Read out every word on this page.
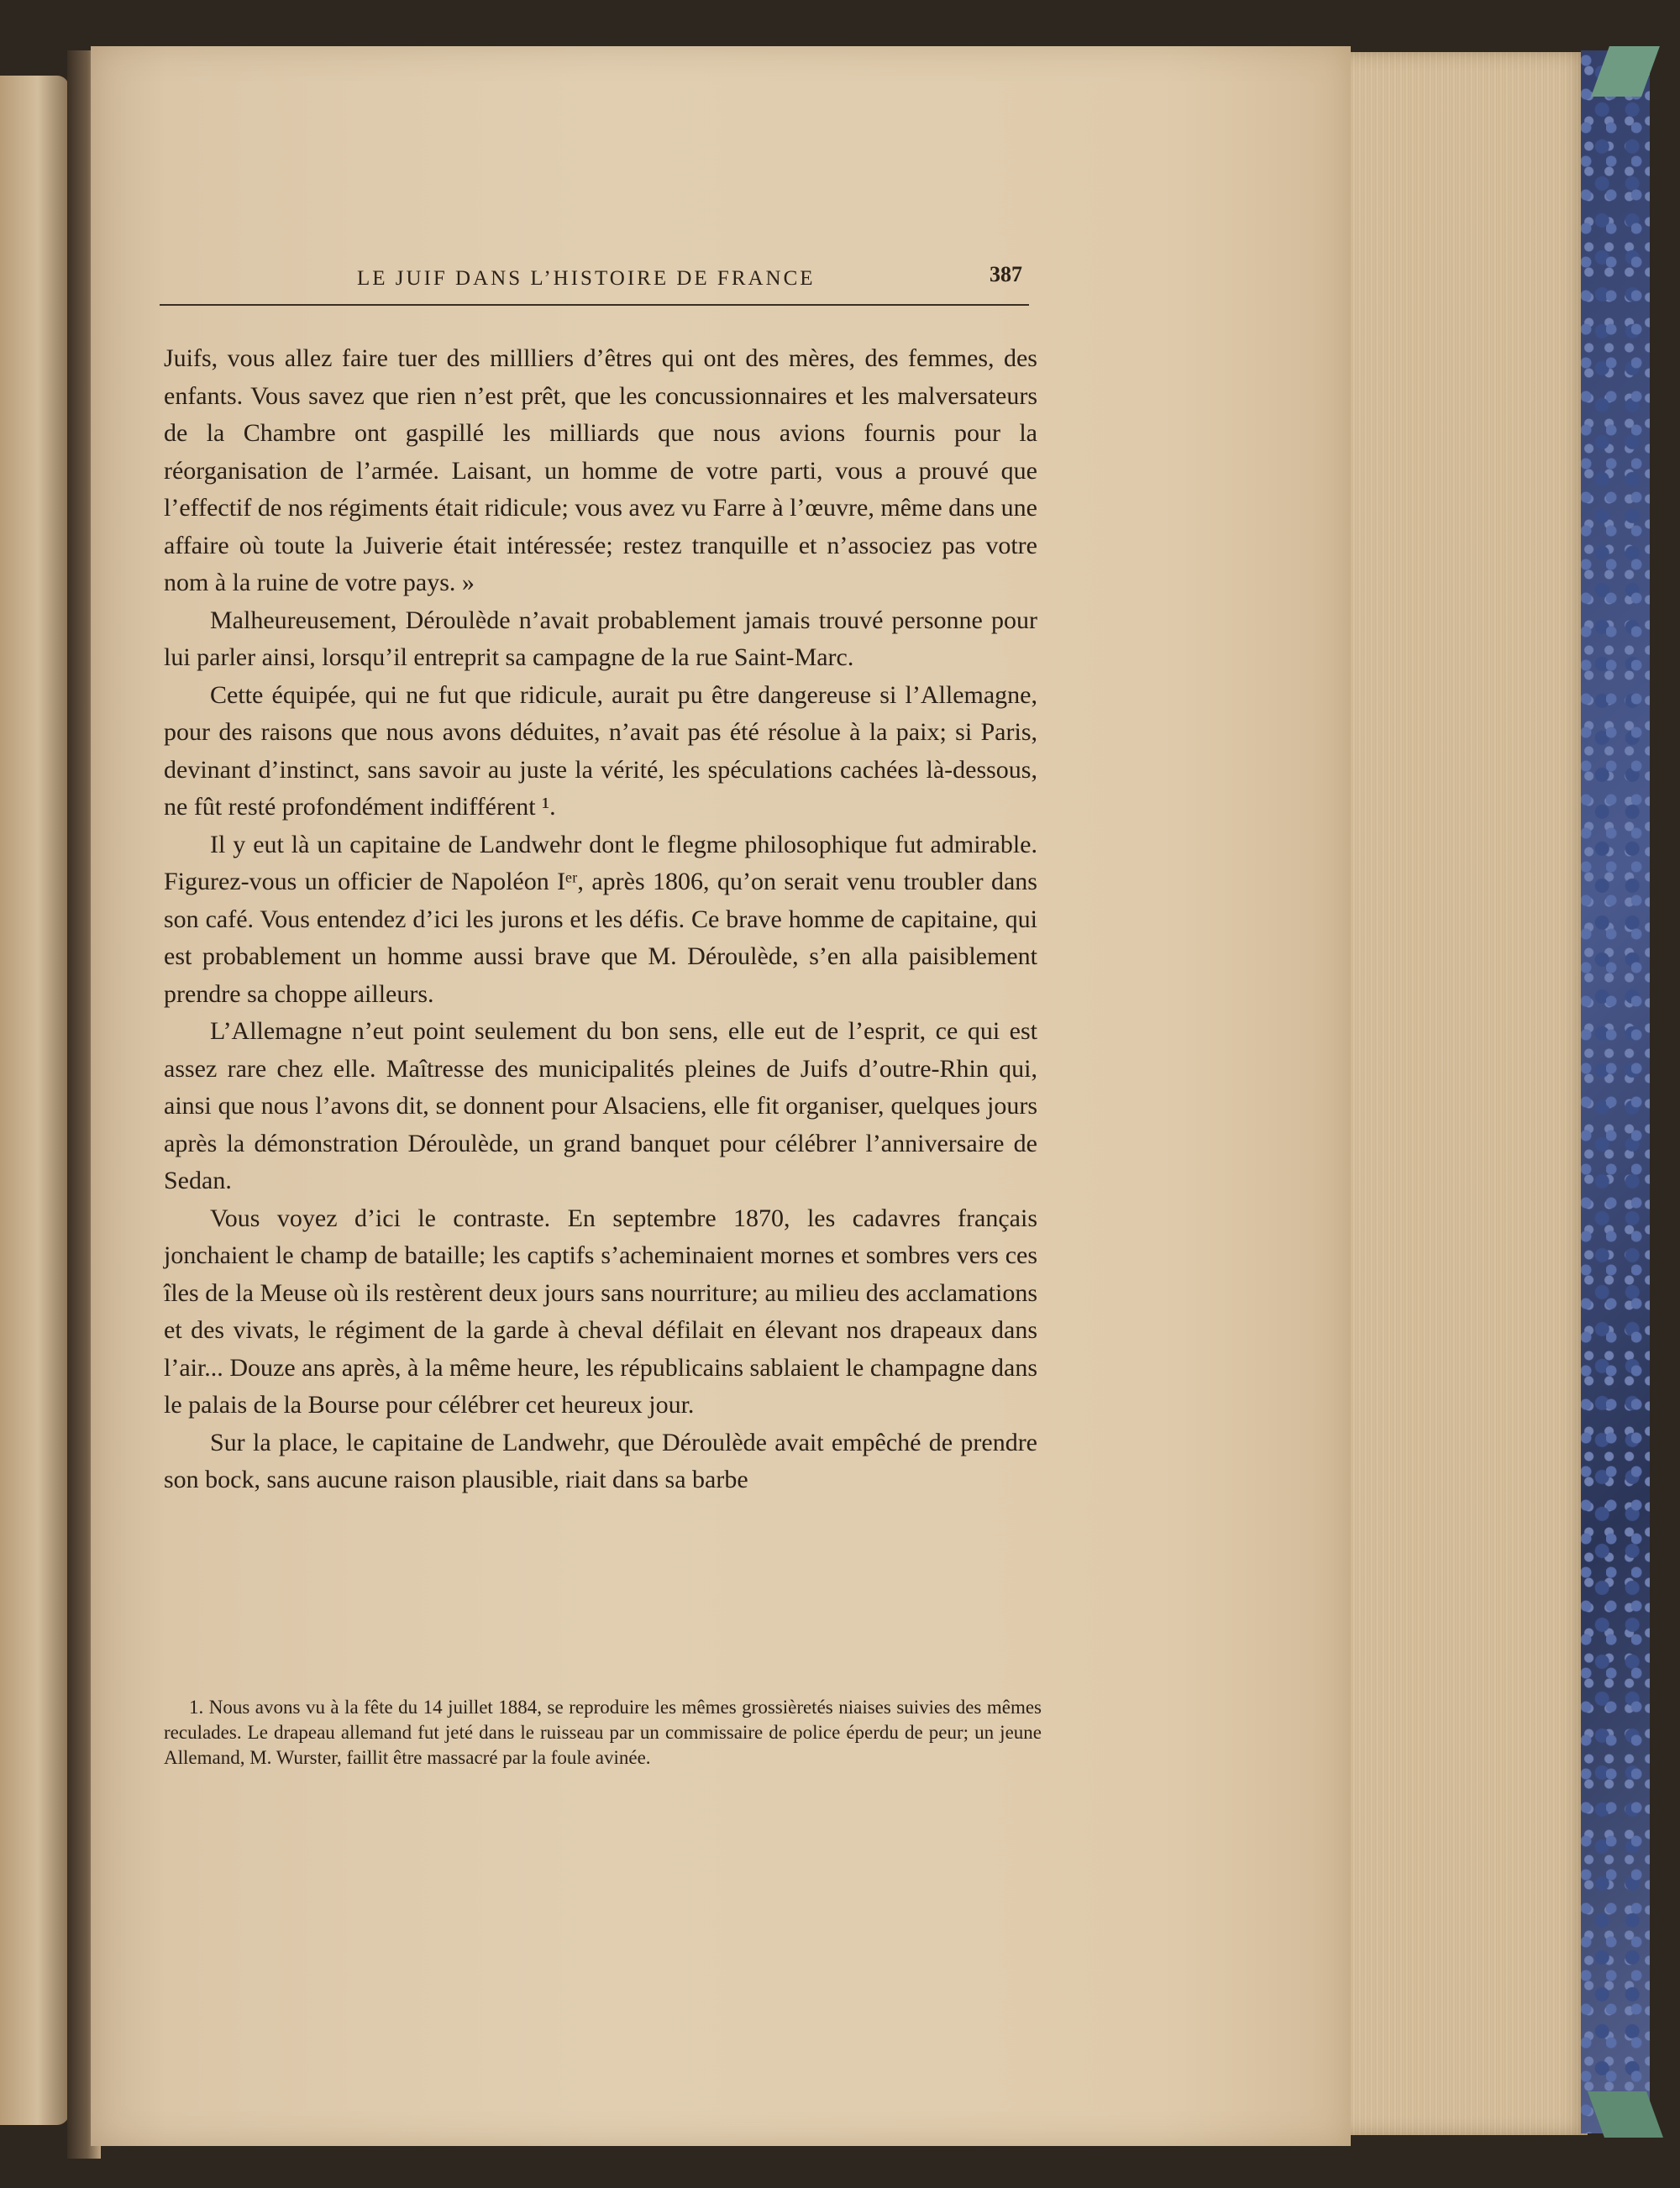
LE JUIF DANS L’HISTOIRE DE FRANCE	387

Juifs, vous allez faire tuer des millliers d’êtres qui ont des mères, des femmes, des enfants. Vous savez que rien n’est prêt, que les concussionnaires et les malversateurs de la Chambre ont gaspillé les milliards que nous avions fournis pour la réorganisation de l’armée. Laisant, un homme de votre parti, vous a prouvé que l’effectif de nos régiments était ridicule; vous avez vu Farre à l’œuvre, même dans une affaire où toute la Juiverie était intéressée; restez tranquille et n’associez pas votre nom à la ruine de votre pays. »

Malheureusement, Déroulède n’avait probablement jamais trouvé personne pour lui parler ainsi, lorsqu’il entreprit sa campagne de la rue Saint-Marc.

Cette équipée, qui ne fut que ridicule, aurait pu être dangereuse si l’Allemagne, pour des raisons que nous avons déduites, n’avait pas été résolue à la paix; si Paris, devinant d’instinct, sans savoir au juste la vérité, les spéculations cachées là-dessous, ne fût resté profondément indifférent ¹.

Il y eut là un capitaine de Landwehr dont le flegme philosophique fut admirable. Figurez-vous un officier de Napoléon Iᵉʳ, après 1806, qu’on serait venu troubler dans son café. Vous entendez d’ici les jurons et les défis. Ce brave homme de capitaine, qui est probablement un homme aussi brave que M. Déroulède, s’en alla paisiblement prendre sa choppe ailleurs.

L’Allemagne n’eut point seulement du bon sens, elle eut de l’esprit, ce qui est assez rare chez elle. Maîtresse des municipalités pleines de Juifs d’outre-Rhin qui, ainsi que nous l’avons dit, se donnent pour Alsaciens, elle fit organiser, quelques jours après la démonstration Déroulède, un grand banquet pour célébrer l’anniversaire de Sedan.

Vous voyez d’ici le contraste. En septembre 1870, les cadavres français jonchaient le champ de bataille; les captifs s’acheminaient mornes et sombres vers ces îles de la Meuse où ils restèrent deux jours sans nourriture; au milieu des acclamations et des vivats, le régiment de la garde à cheval défilait en élevant nos drapeaux dans l’air... Douze ans après, à la même heure, les républicains sablaient le champagne dans le palais de la Bourse pour célébrer cet heureux jour.

Sur la place, le capitaine de Landwehr, que Déroulède avait empêché de prendre son bock, sans aucune raison plausible, riait dans sa barbe

1. Nous avons vu à la fête du 14 juillet 1884, se reproduire les mêmes grossièretés niaises suivies des mêmes reculades. Le drapeau allemand fut jeté dans le ruisseau par un commissaire de police éperdu de peur; un jeune Allemand, M. Wurster, faillit être massacré par la foule avinée.
